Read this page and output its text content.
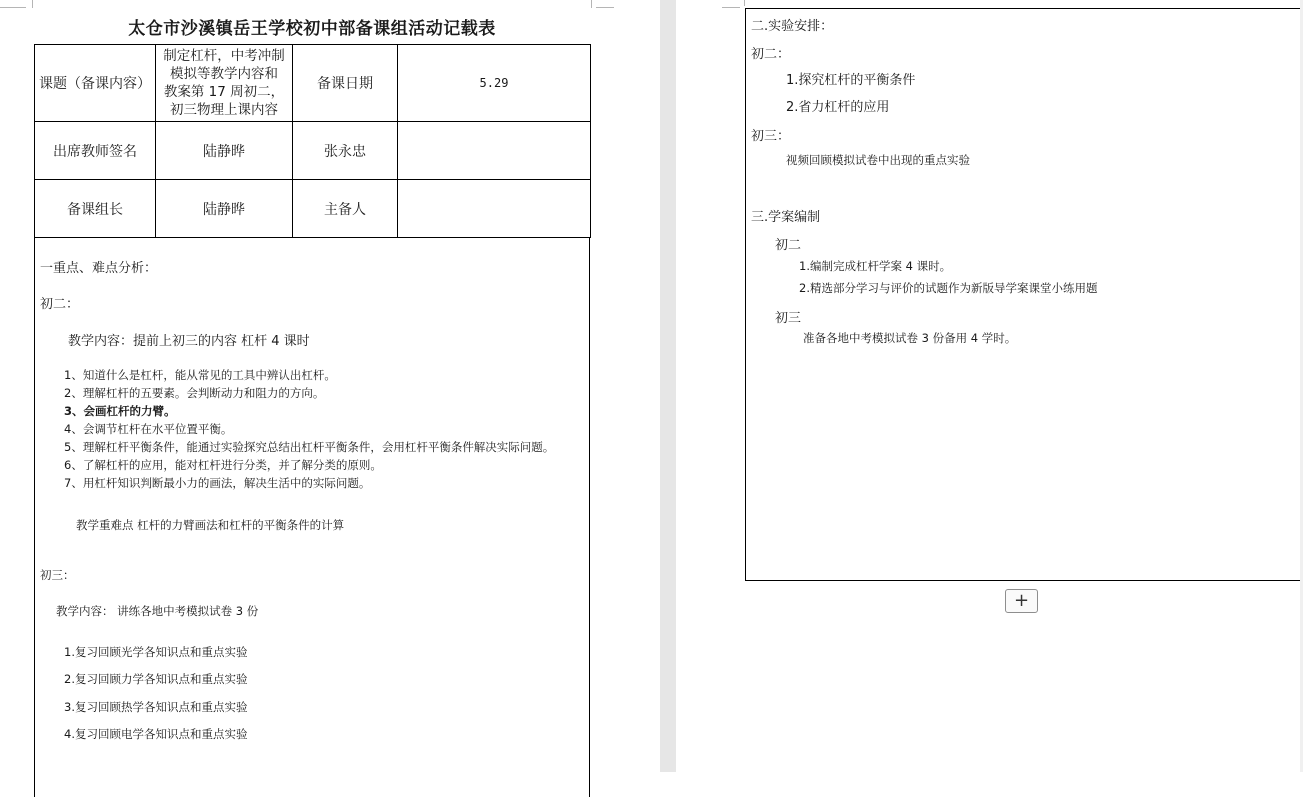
太仓市沙溪镇岳王学校初中部备课组活动记载表
课题（备课内容）	制定杠杆，中考冲制
模拟等教学内容和
教案第 17 周初二，
初三物理上课内容	备课日期	5.29
出席教师签名	陆静晔	张永忠	
备课组长	陆静晔	主备人	
一重点、难点分析：
初二：
教学内容：提前上初三的内容 杠杆 4 课时
1、知道什么是杠杆，能从常见的工具中辨认出杠杆。
2、理解杠杆的五要素。会判断动力和阻力的方向。
3、会画杠杆的力臂。
4、会调节杠杆在水平位置平衡。
5、理解杠杆平衡条件，能通过实验探究总结出杠杆平衡条件，会用杠杆平衡条件解决实际问题。
6、了解杠杆的应用，能对杠杆进行分类，并了解分类的原则。
7、用杠杆知识判断最小力的画法，解决生活中的实际问题。
教学重难点 杠杆的力臂画法和杠杆的平衡条件的计算
初三：
教学内容： 讲练各地中考模拟试卷 3 份
1.复习回顾光学各知识点和重点实验
2.复习回顾力学各知识点和重点实验
3.复习回顾热学各知识点和重点实验
4.复习回顾电学各知识点和重点实验
二.实验安排：
初二：
1.探究杠杆的平衡条件
2.省力杠杆的应用
初三：
视频回顾模拟试卷中出现的重点实验
三.学案编制
初二
1.编制完成杠杆学案 4 课时。
2.精选部分学习与评价的试题作为新版导学案课堂小练用题
初三
准备各地中考模拟试卷 3 份备用 4 学时。
+
